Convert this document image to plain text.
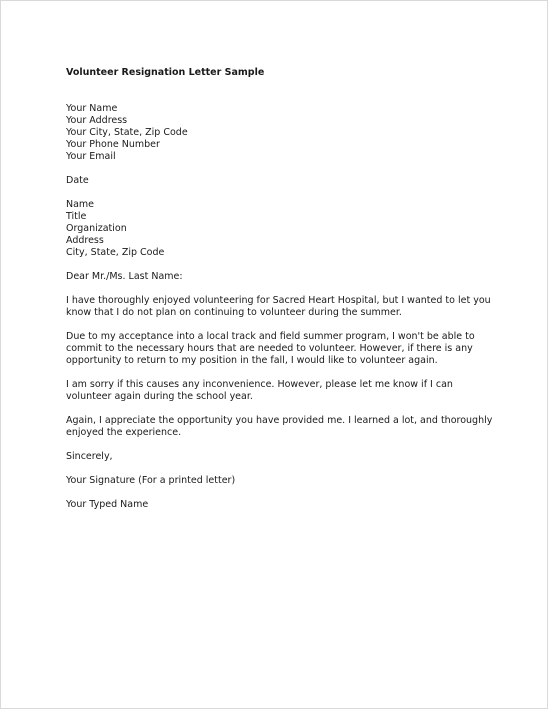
Volunteer Resignation Letter Sample
Your Name
Your Address
Your City, State, Zip Code
Your Phone Number
Your Email
Date
Name
Title
Organization
Address
City, State, Zip Code
Dear Mr./Ms. Last Name:
I have thoroughly enjoyed volunteering for Sacred Heart Hospital, but I wanted to let you know that I do not plan on continuing to volunteer during the summer.
Due to my acceptance into a local track and field summer program, I won't be able to commit to the necessary hours that are needed to volunteer. However, if there is any opportunity to return to my position in the fall, I would like to volunteer again.
I am sorry if this causes any inconvenience. However, please let me know if I can volunteer again during the school year.
Again, I appreciate the opportunity you have provided me. I learned a lot, and thoroughly enjoyed the experience.
Sincerely,
Your Signature (For a printed letter)
Your Typed Name
